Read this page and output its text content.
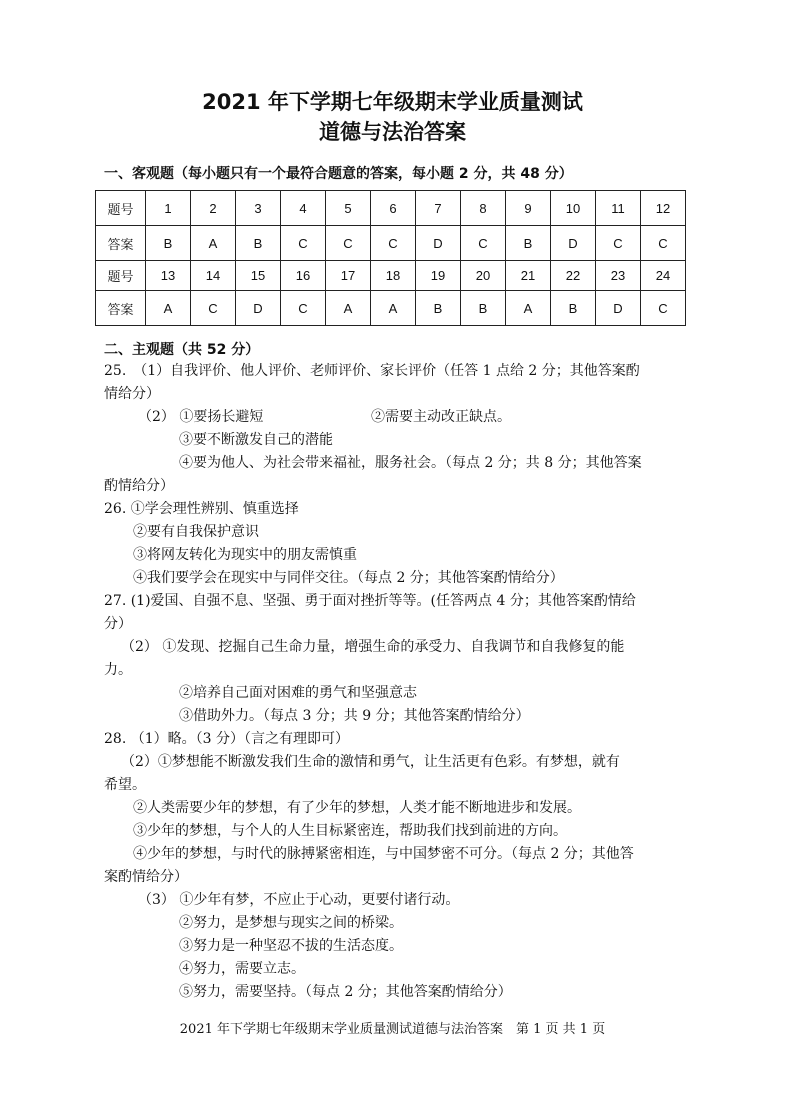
2021 年下学期七年级期末学业质量测试
道德与法治答案
一、客观题（每小题只有一个最符合题意的答案，每小题 2 分，共 48 分）
题号	1	2	3	4	5	6	7	8	9	10	11	12
答案	B	A	B	C	C	C	D	C	B	D	C	C
题号	13	14	15	16	17	18	19	20	21	22	23	24
答案	A	C	D	C	A	A	B	B	A	B	D	C
二、主观题（共 52 分）
25.　（1）自我评价、他人评价、老师评价、家长评价（任答 1 点给 2 分；其他答案酌
情给分）
（2） ①要扬长避短	②需要主动改正缺点。
③要不断激发自己的潜能
④要为他人、为社会带来福祉，服务社会。（每点 2 分；共 8 分；其他答案
酌情给分）
26. ①学会理性辨别、慎重选择
②要有自我保护意识
③将网友转化为现实中的朋友需慎重
④我们要学会在现实中与同伴交往。（每点 2 分；其他答案酌情给分）
27. (1)爱国、自强不息、坚强、勇于面对挫折等等。(任答两点 4 分；其他答案酌情给
分）
（2） ①发现、挖掘自己生命力量，增强生命的承受力、自我调节和自我修复的能
力。
②培养自己面对困难的勇气和坚强意志
③借助外力。（每点 3 分；共 9 分；其他答案酌情给分）
28. （1）略。（3 分）（言之有理即可）
（2）①梦想能不断激发我们生命的激情和勇气，让生活更有色彩。有梦想，就有
希望。
②人类需要少年的梦想，有了少年的梦想，人类才能不断地进步和发展。
③少年的梦想，与个人的人生目标紧密连，帮助我们找到前进的方向。
④少年的梦想，与时代的脉搏紧密相连，与中国梦密不可分。（每点 2 分；其他答
案酌情给分）
（3） ①少年有梦，不应止于心动，更要付诸行动。
②努力，是梦想与现实之间的桥梁。
③努力是一种坚忍不拔的生活态度。
④努力，需要立志。
⑤努力，需要坚持。（每点 2 分；其他答案酌情给分）
2021 年下学期七年级期末学业质量测试道德与法治答案　第 1 页 共 1 页
